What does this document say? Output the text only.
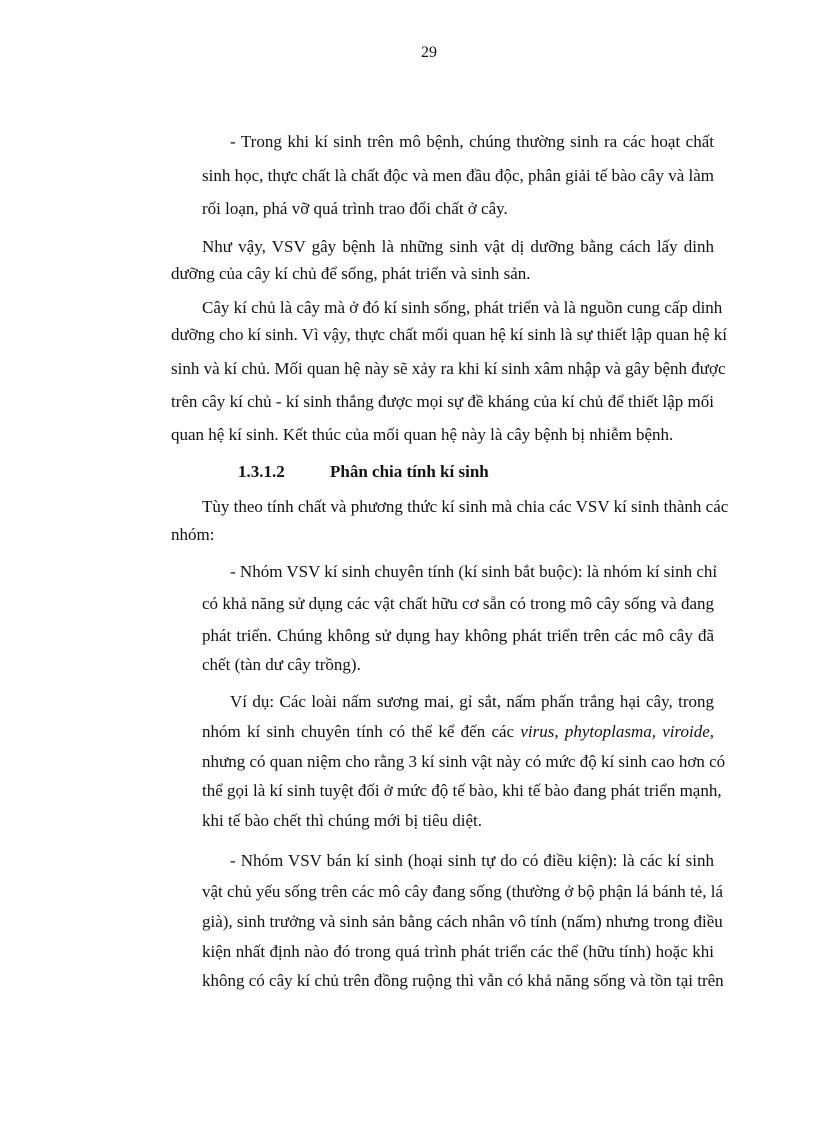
29
- Trong khi kí sinh trên mô bệnh, chúng thường sinh ra các hoạt chất
sinh học, thực chất là chất độc và men đầu độc, phân giải tế bào cây và làm
rối loạn, phá vỡ quá trình trao đổi chất ở cây.
Như vậy, VSV gây bệnh là những sinh vật dị dưỡng bằng cách lấy dinh
dưỡng của cây kí chủ để sống, phát triển và sinh sản.
Cây kí chủ là cây mà ở đó kí sinh sống, phát triển và là nguồn cung cấp dinh
dưỡng cho kí sinh. Vì vậy, thực chất mối quan hệ kí sinh là sự thiết lập quan hệ kí
sinh và kí chủ. Mối quan hệ này sẽ xảy ra khi kí sinh xâm nhập và gây bệnh được
trên cây kí chủ - kí sinh thắng được mọi sự đề kháng của kí chủ để thiết lập mối
quan hệ kí sinh. Kết thúc của mối quan hệ này là cây bệnh bị nhiễm bệnh.
1.3.1.2	Phân chia tính kí sinh
Tùy theo tính chất và phương thức kí sinh mà chia các VSV kí sinh thành các
nhóm:
- Nhóm VSV kí sinh chuyên tính (kí sinh bắt buộc): là nhóm kí sinh chỉ
có khả năng sử dụng các vật chất hữu cơ sẵn có trong mô cây sống và đang
phát triển. Chúng không sử dụng hay không phát triển trên các mô cây đã
chết (tàn dư cây trồng).
Ví dụ: Các loài nấm sương mai, gỉ sắt, nấm phấn trắng hại cây, trong
nhóm kí sinh chuyên tính có thể kể đến các virus, phytoplasma, viroide,
nhưng có quan niệm cho rằng 3 kí sinh vật này có mức độ kí sinh cao hơn có
thể gọi là kí sinh tuyệt đối ở mức độ tế bào, khi tế bào đang phát triển mạnh,
khi tế bào chết thì chúng mới bị tiêu diệt.
- Nhóm VSV bán kí sinh (hoại sinh tự do có điều kiện): là các kí sinh
vật chủ yếu sống trên các mô cây đang sống (thường ở bộ phận lá bánh tẻ, lá
già), sinh trưởng và sinh sản bằng cách nhân vô tính (nấm) nhưng trong điều
kiện nhất định nào đó trong quá trình phát triển các thể (hữu tính) hoặc khi
không có cây kí chủ trên đồng ruộng thì vẫn có khả năng sống và tồn tại trên
